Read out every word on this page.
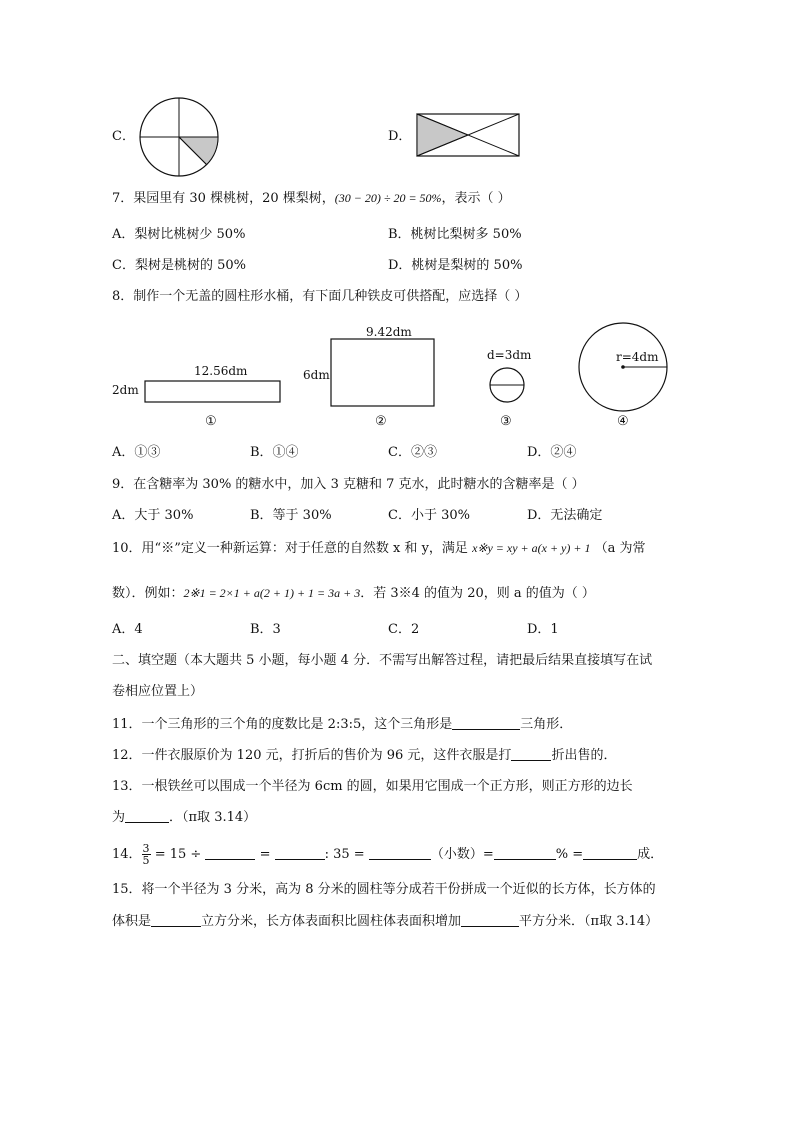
C．	D．
7．果园里有 30 棵桃树，20 棵梨树，(30 − 20) ÷ 20 = 50%，表示（ ）
A．梨树比桃树少 50%	B．桃树比梨树多 50%
C．梨树是桃树的 50%	D．桃树是梨树的 50%
8．制作一个无盖的圆柱形水桶，有下面几种铁皮可供搭配，应选择（ ）
12.56dm
2dm
①
9.42dm
6dm
②
d=3dm
③
r=4dm
④
A．①③	B．①④	C．②③	D．②④
9．在含糖率为 30% 的糖水中，加入 3 克糖和 7 克水，此时糖水的含糖率是（ ）
A．大于 30%	B．等于 30%	C．小于 30%	D．无法确定
10．用“※”定义一种新运算：对于任意的自然数 x 和 y，满足 x※y = xy + a(x + y) + 1 （a 为常
数）．例如：2※1 = 2×1 + a(2 + 1) + 1 = 3a + 3．若 3※4 的值为 20，则 a 的值为（ ）
A．4	B．3	C．2	D．1
二、填空题（本大题共 5 小题，每小题 4 分．不需写出解答过程，请把最后结果直接填写在试
卷相应位置上）
11．一个三角形的三个角的度数比是 2:3:5，这个三角形是	三角形．
12．一件衣服原价为 120 元，打折后的售价为 96 元，这件衣服是打	折出售的．
13．一根铁丝可以围成一个半径为 6cm 的圆，如果用它围成一个正方形，则正方形的边长
为	．（π取 3.14）
14． $\frac{3}{5} = 15$ ÷	=	: 35 =	（小数）=	% =	成．
15．将一个半径为 3 分米，高为 8 分米的圆柱等分成若干份拼成一个近似的长方体，长方体的
体积是	立方分米，长方体表面积比圆柱体表面积增加	平方分米．（π取 3.14）
